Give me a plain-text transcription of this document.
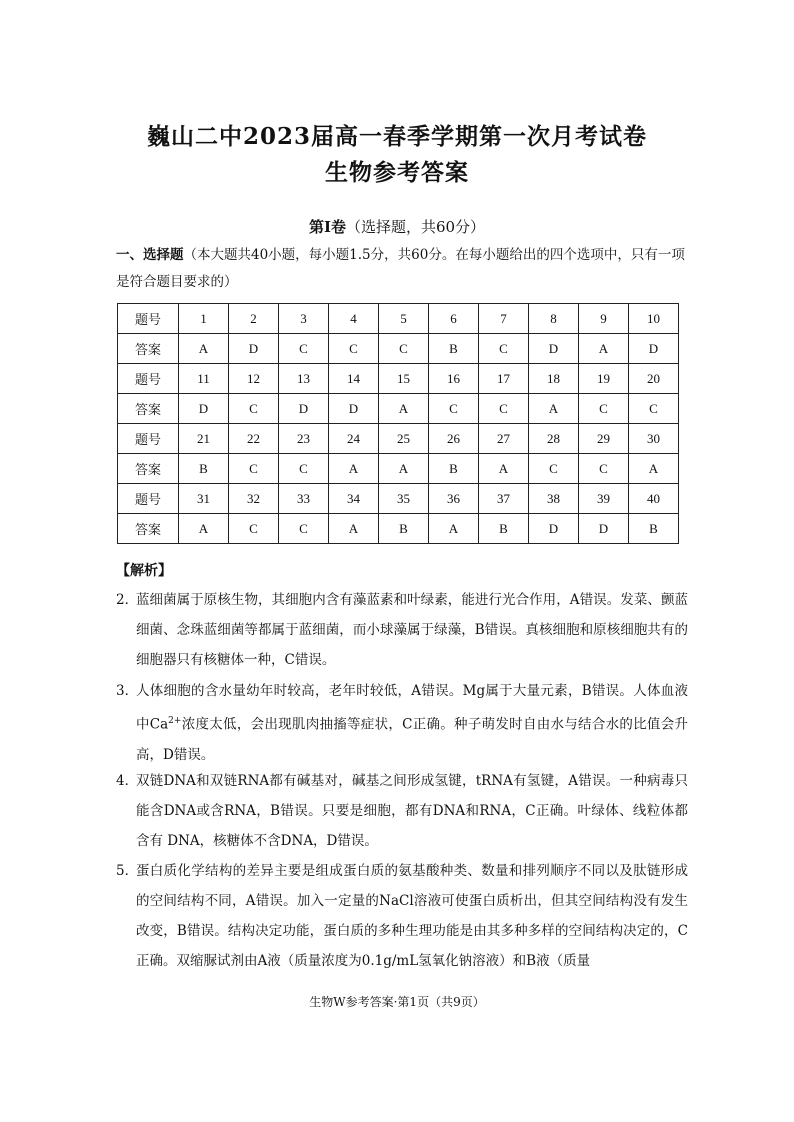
巍山二中2023届高一春季学期第一次月考试卷
生物参考答案
第Ⅰ卷（选择题，共60分）
一、选择题（本大题共40小题，每小题1.5分，共60分。在每小题给出的四个选项中，只有一项是符合题目要求的）
题号	1	2	3	4	5	6	7	8	9	10
答案	A	D	C	C	C	B	C	D	A	D
题号	11	12	13	14	15	16	17	18	19	20
答案	D	C	D	D	A	C	C	A	C	C
题号	21	22	23	24	25	26	27	28	29	30
答案	B	C	C	A	A	B	A	C	C	A
题号	31	32	33	34	35	36	37	38	39	40
答案	A	C	C	A	B	A	B	D	D	B
【解析】
2．
蓝细菌属于原核生物，其细胞内含有藻蓝素和叶绿素，能进行光合作用，A错误。发菜、颤蓝细菌、念珠蓝细菌等都属于蓝细菌，而小球藻属于绿藻，B错误。真核细胞和原核细胞共有的细胞器只有核糖体一种，C错误。
3．
人体细胞的含水量幼年时较高，老年时较低，A错误。Mg属于大量元素，B错误。人体血液中$Ca^{2+}$浓度太低，会出现肌肉抽搐等症状，C正确。种子萌发时自由水与结合水的比值会升高，D错误。
4．
双链DNA和双链RNA都有碱基对，碱基之间形成氢键，tRNA有氢键，A错误。一种病毒只能含DNA或含RNA，B错误。只要是细胞，都有DNA和RNA，C正确。叶绿体、线粒体都含有 DNA，核糖体不含DNA，D错误。
5．
蛋白质化学结构的差异主要是组成蛋白质的氨基酸种类、数量和排列顺序不同以及肽链形成的空间结构不同，A错误。加入一定量的NaCl溶液可使蛋白质析出，但其空间结构没有发生改变，B错误。结构决定功能，蛋白质的多种生理功能是由其多种多样的空间结构决定的，C正确。双缩脲试剂由A液（质量浓度为0.1g/mL氢氧化钠溶液）和B液（质量
生物W参考答案·第1页（共9页）
